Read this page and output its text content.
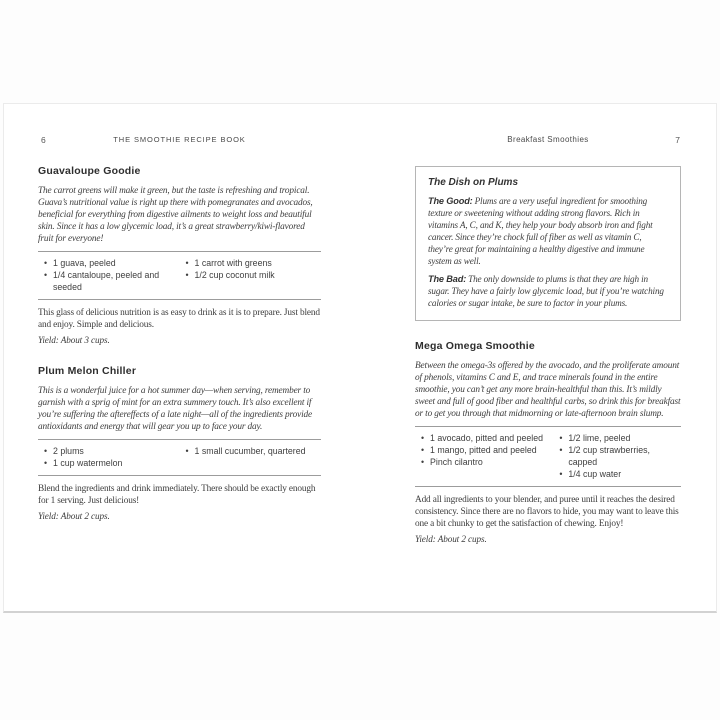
6	THE SMOOTHIE RECIPE BOOK
Guavaloupe Goodie

The carrot greens will make it green, but the taste is refreshing and tropical. Guava’s nutritional value is right up there with pomegranates and avocados, beneficial for everything from digestive ailments to weight loss and beautiful skin. Since it has a low glycemic load, it’s a great strawberry/kiwi-flavored fruit for everyone!

• 1 guava, peeled
• 1/4 cantaloupe, peeled and seeded
• 1 carrot with greens
• 1/2 cup coconut milk

This glass of delicious nutrition is as easy to drink as it is to prepare. Just blend and enjoy. Simple and delicious.

Yield: About 3 cups.

Plum Melon Chiller

This is a wonderful juice for a hot summer day—when serving, remember to garnish with a sprig of mint for an extra summery touch. It’s also excellent if you’re suffering the aftereffects of a late night—all of the ingredients provide antioxidants and energy that will gear you up to face your day.

• 2 plums
• 1 cup watermelon
• 1 small cucumber, quartered

Blend the ingredients and drink immediately. There should be exactly enough for 1 serving. Just delicious!

Yield: About 2 cups.

Breakfast Smoothies	7
The Dish on Plums

The Good: Plums are a very useful ingredient for smoothing texture or sweetening without adding strong flavors. Rich in vitamins A, C, and K, they help your body absorb iron and fight cancer. Since they’re chock full of fiber as well as vitamin C, they’re great for maintaining a healthy digestive and immune system as well.

The Bad: The only downside to plums is that they are high in sugar. They have a fairly low glycemic load, but if you’re watching calories or sugar intake, be sure to factor in your plums.

Mega Omega Smoothie

Between the omega-3s offered by the avocado, and the proliferate amount of phenols, vitamins C and E, and trace minerals found in the entire smoothie, you can’t get any more brain-healthful than this. It’s mildly sweet and full of good fiber and healthful carbs, so drink this for breakfast or to get you through that midmorning or late-afternoon brain slump.

• 1 avocado, pitted and peeled
• 1 mango, pitted and peeled
• Pinch cilantro
• 1/2 lime, peeled
• 1/2 cup strawberries, capped
• 1/4 cup water

Add all ingredients to your blender, and puree until it reaches the desired consistency. Since there are no flavors to hide, you may want to leave this one a bit chunky to get the satisfaction of chewing. Enjoy!

Yield: About 2 cups.
